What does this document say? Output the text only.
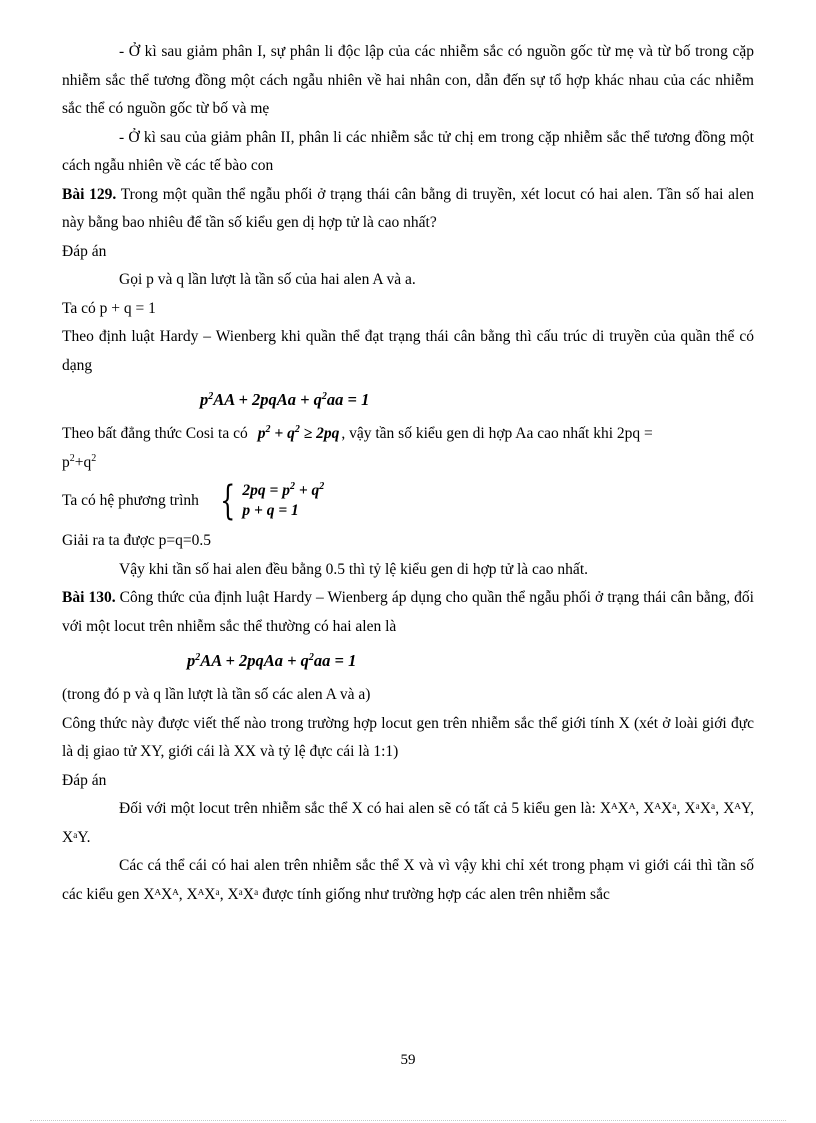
- Ở kì sau giảm phân I, sự phân li độc lập của các nhiễm sắc có nguồn gốc từ mẹ và từ bố trong cặp nhiễm sắc thể tương đồng một cách ngẫu nhiên về hai nhân con, dẫn đến sự tổ hợp khác nhau của các nhiễm sắc thể có nguồn gốc từ bố và mẹ

- Ở kì sau của giảm phân II, phân li các nhiễm sắc tử chị em trong cặp nhiễm sắc thể tương đồng một cách ngẫu nhiên về các tế bào con

Bài 129. Trong một quần thể ngẫu phối ở trạng thái cân bằng di truyền, xét locut có hai alen. Tần số hai alen này bằng bao nhiêu để tần số kiểu gen dị hợp tử là cao nhất?

Đáp án

Gọi p và q lần lượt là tần số của hai alen A và a.

Ta có p + q = 1

Theo định luật Hardy – Wienberg khi quần thể đạt trạng thái cân bằng thì cấu trúc di truyền của quần thể có dạng

$p^2AA$ + 2pqAa + $q^2aa = 1$

Theo bất đẳng thức Cosi ta có $p^2 + q^2 \ge 2pq$ , vậy tần số kiểu gen di hợp Aa cao nhất khi 2pq =

$p^2+q^2$

Ta có hệ phương trình { $2pq = p^2 + q^2$
p + q = 1

Giải ra ta được p=q=0.5

Vậy khi tần số hai alen đều bằng 0.5 thì tỷ lệ kiểu gen di hợp tử là cao nhất.

Bài 130. Công thức của định luật Hardy – Wienberg áp dụng cho quần thể ngẫu phối ở trạng thái cân bằng, đối với một locut trên nhiễm sắc thể thường có hai alen là

$p^2AA$ + 2pqAa + $q^2aa = 1$

(trong đó p và q lần lượt là tần số các alen A và a)

Công thức này được viết thế nào trong trường hợp locut gen trên nhiễm sắc thể giới tính X (xét ở loài giới đực là dị giao tử XY, giới cái là XX và tỷ lệ đực cái là 1:1)

Đáp án

Đối với một locut trên nhiễm sắc thể X có hai alen sẽ có tất cả 5 kiểu gen là: XᴬXᴬ, XᴬXᵃ, XᵃXᵃ, XᴬY, XᵃY.

Các cá thể cái có hai alen trên nhiễm sắc thể X và vì vậy khi chỉ xét trong phạm vi giới cái thì tần số các kiểu gen XᴬXᴬ, XᴬXᵃ, XᵃXᵃ được tính giống như trường hợp các alen trên nhiễm sắc

59
